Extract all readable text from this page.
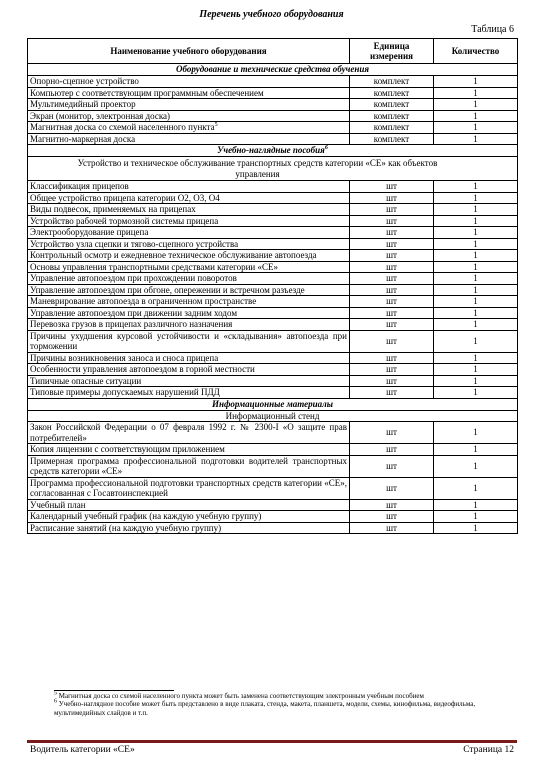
Перечень учебного оборудования
Таблица 6
Наименование учебного оборудования	Единица измерения	Количество
Оборудование и технические средства обучения		
Опорно-сцепное устройство	комплект	1
Компьютер с соответствующим программным обеспечением	комплект	1
Мультимедийный проектор	комплект	1
Экран (монитор, электронная доска)	комплект	1
Магнитная доска со схемой населенного пункта$^5$	комплект	1
Магнитно-маркерная доска	комплект	1
Учебно-наглядные пособия$^6$
Устройство и техническое обслуживание транспортных средств категории «СЕ» как объектов управления		
Классификация прицепов	шт	1
Общее устройство прицепа категории О2, О3, О4	шт	1
Виды подвесок, применяемых на прицепах	шт	1
Устройство рабочей тормозной системы прицепа	шт	1
Электрооборудование прицепа	шт	1
Устройство узла сцепки и тягово-сцепного устройства	шт	1
Контрольный осмотр и ежедневное техническое обслуживание автопоезда	шт	1
Основы управления транспортными средствами категории «СЕ»	шт	1
Управление автопоездом при прохождении поворотов	шт	1
Управление автопоездом при обгоне, опережении и встречном разъезде	шт	1
Маневрирование автопоезда в ограниченном пространстве	шт	1
Управление автопоездом при движении задним ходом	шт	1
Перевозка грузов в прицепах различного назначения	шт	1
Причины ухудшения курсовой устойчивости и «складывания» автопоезда при торможении	шт	1
Причины возникновения заноса и сноса прицепа	шт	1
Особенности управления автопоездом в горной местности	шт	1
Типичные опасные ситуации	шт	1
Типовые примеры допускаемых нарушений ПДД	шт	1
Информационные материалы		
Информационный стенд		
Закон Российской Федерации о 07 февраля 1992 г. № 2300-I «О защите прав потребителей»	шт	1
Копия лицензии с соответствующим приложением	шт	1
Примерная программа профессиональной подготовки водителей транспортных средств категории «СЕ»	шт	1
Программа профессиональной подготовки транспортных средств категории «СЕ», согласованная с Госавтоинспекцией	шт	1
Учебный план	шт	1
Календарный учебный график (на каждую учебную группу)	шт	1
Расписание занятий (на каждую учебную группу)	шт	1
5 Магнитная доска со схемой населенного пункта может быть заменена соответствующим электронным учебным пособием
6 Учебно-наглядное пособие может быть представлено в виде плаката, стенда, макета, планшета, модели, схемы, кинофильма, видеофильма, мультимедийных слайдов и т.п.
Водитель категории «СЕ»	Страница 12
